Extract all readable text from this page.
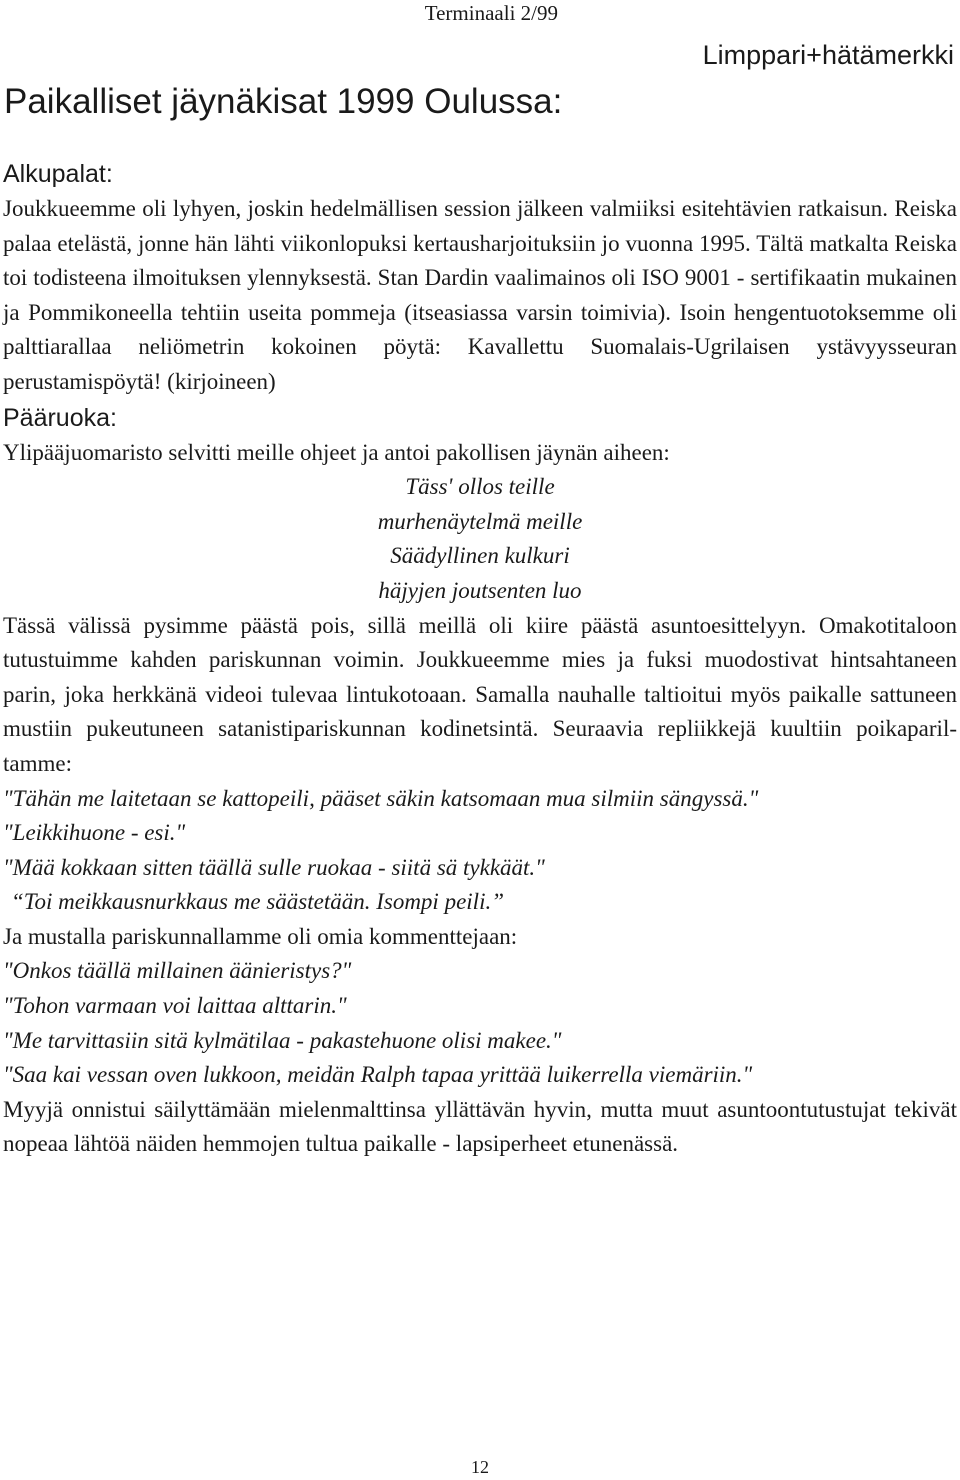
Terminaali 2/99
Limppari+hätämerkki
Paikalliset jäynäkisat 1999 Oulussa:
Alkupalat:

Joukkueemme oli lyhyen, joskin hedelmällisen session jälkeen valmiiksi esitehtävien ratkaisun. Reiska palaa etelästä, jonne hän lähti viikonlopuksi kertausharjoituksiin jo vuonna 1995. Tältä matkalta Reiska toi todisteena ilmoituksen ylennyksestä. Stan Dardin vaalimainos oli ISO 9001 - sertifikaatin mukainen ja Pommikoneella tehtiin useita pommeja (itseasiassa varsin toimivia). Isoin hengentuotoksemme oli palttiarallaa neliömetrin kokoinen pöytä: Kavallettu Suomalais-Ugrilaisen ystävyysseuran perustamispöytä! (kirjoineen)

Pääruoka:

Ylipääjuomaristo selvitti meille ohjeet ja antoi pakollisen jäynän aiheen:

Täss' ollos teille
murhenäytelmä meille
Säädyllinen kulkuri
häjyjen joutsenten luo

Tässä välissä pysimme päästä pois, sillä meillä oli kiire päästä asuntoesittelyyn. Omakotitaloon tutustuimme kahden pariskunnan voimin. Joukkueemme mies ja fuksi muodostivat hintsahtaneen parin, joka herkkänä videoi tulevaa lintukotoaan. Samalla nauhalle taltioitui myös paikalle sattuneen mustiin pukeutuneen satanistipariskunnan kodinetsintä. Seuraavia repliikkejä kuultiin poikapariltamme:

"Tähän me laitetaan se kattopeili, pääset säkin katsomaan mua silmiin sängyssä."

"Leikkihuone - esi."

"Mää kokkaan sitten täällä sulle ruokaa - siitä sä tykkäät."

“Toi meikkausnurkkaus me säästetään. Isompi peili.”

Ja mustalla pariskunnallamme oli omia kommenttejaan:

"Onkos täällä millainen äänieristys?"

"Tohon varmaan voi laittaa alttarin."

"Me tarvittasiin sitä kylmätilaa - pakastehuone olisi makee."

"Saa kai vessan oven lukkoon, meidän Ralph tapaa yrittää luikerrella viemäriin."

Myyjä onnistui säilyttämään mielenmalttinsa yllättävän hyvin, mutta muut asuntoontutustujat tekivät nopeaa lähtöä näiden hemmojen tultua paikalle - lapsiperheet etunenässä.

12
